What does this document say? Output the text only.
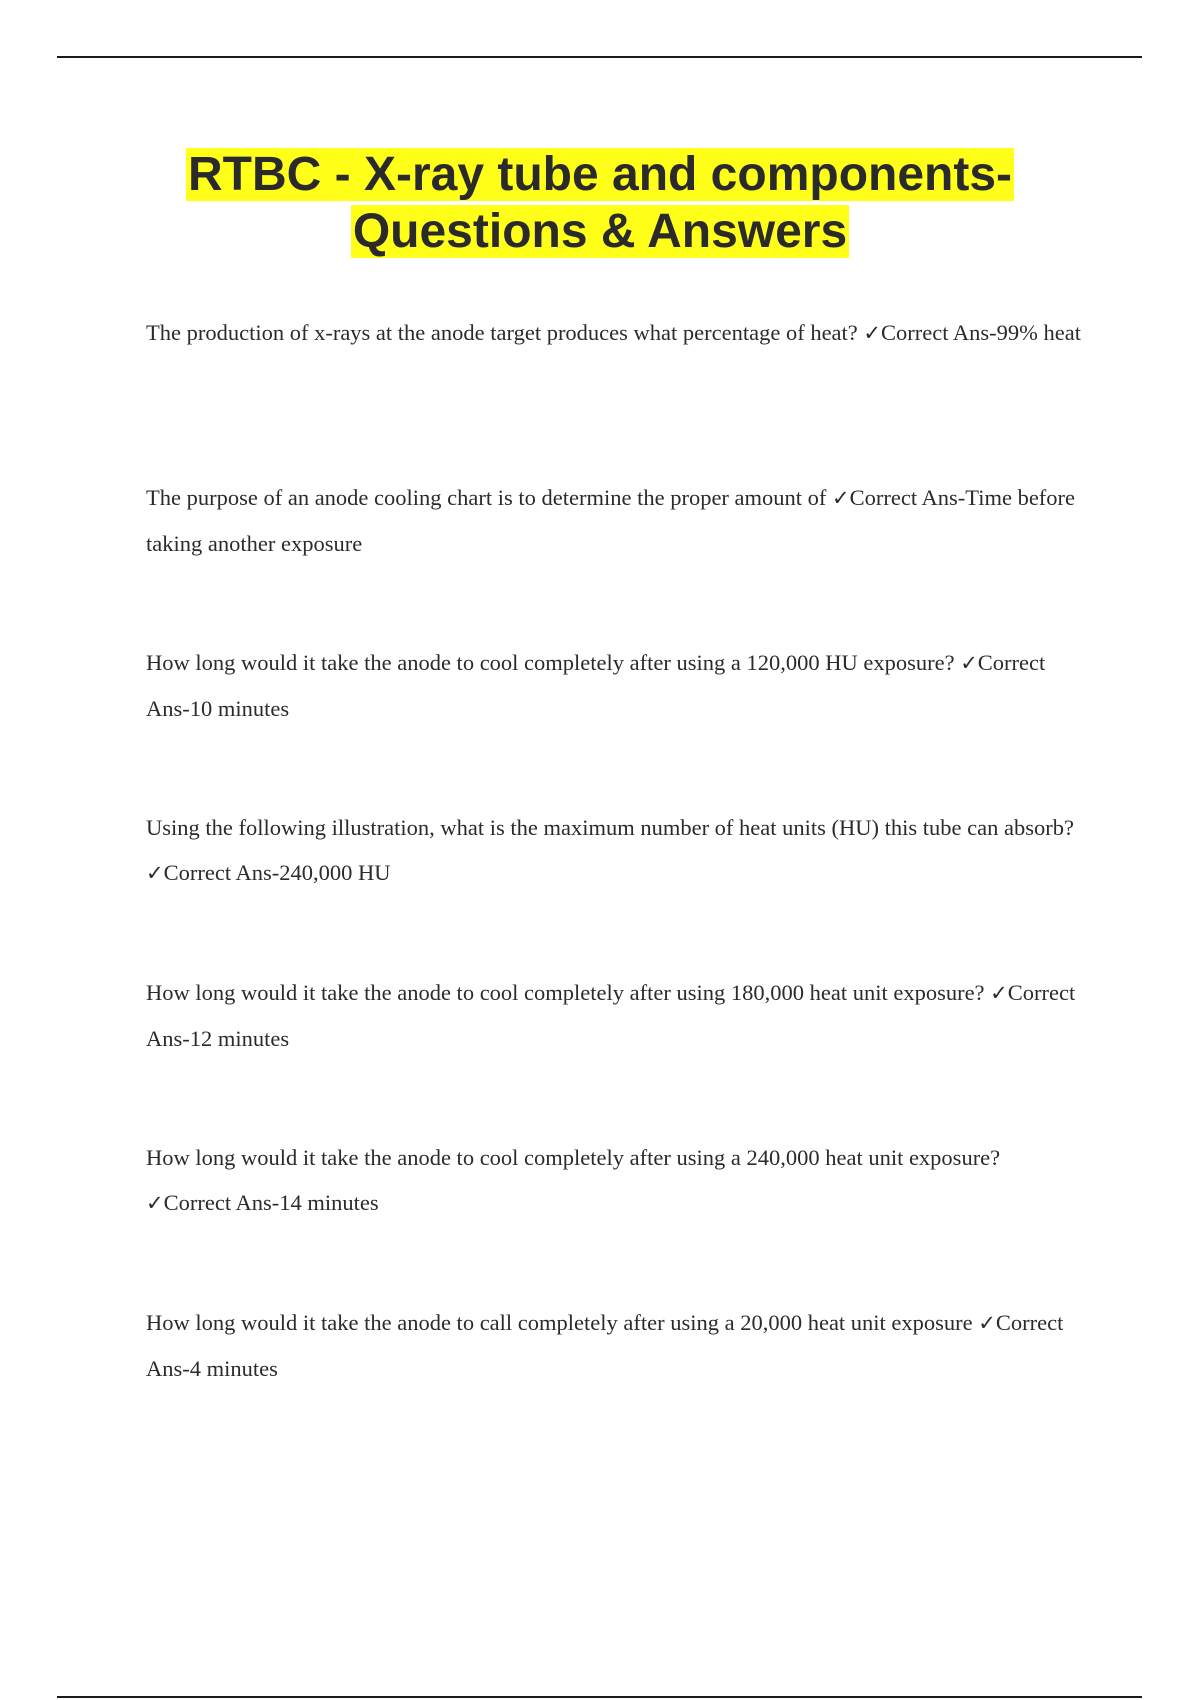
RTBC - X-ray tube and components-
Questions & Answers

The production of x-rays at the anode target produces what percentage of heat? ✓Correct Ans-99% heat

The purpose of an anode cooling chart is to determine the proper amount of ✓Correct Ans-Time before taking another exposure

How long would it take the anode to cool completely after using a 120,000 HU exposure? ✓Correct Ans-10 minutes

Using the following illustration, what is the maximum number of heat units (HU) this tube can absorb? ✓Correct Ans-240,000 HU

How long would it take the anode to cool completely after using 180,000 heat unit exposure? ✓Correct Ans-12 minutes

How long would it take the anode to cool completely after using a 240,000 heat unit exposure? ✓Correct Ans-14 minutes

How long would it take the anode to call completely after using a 20,000 heat unit exposure ✓Correct Ans-4 minutes
